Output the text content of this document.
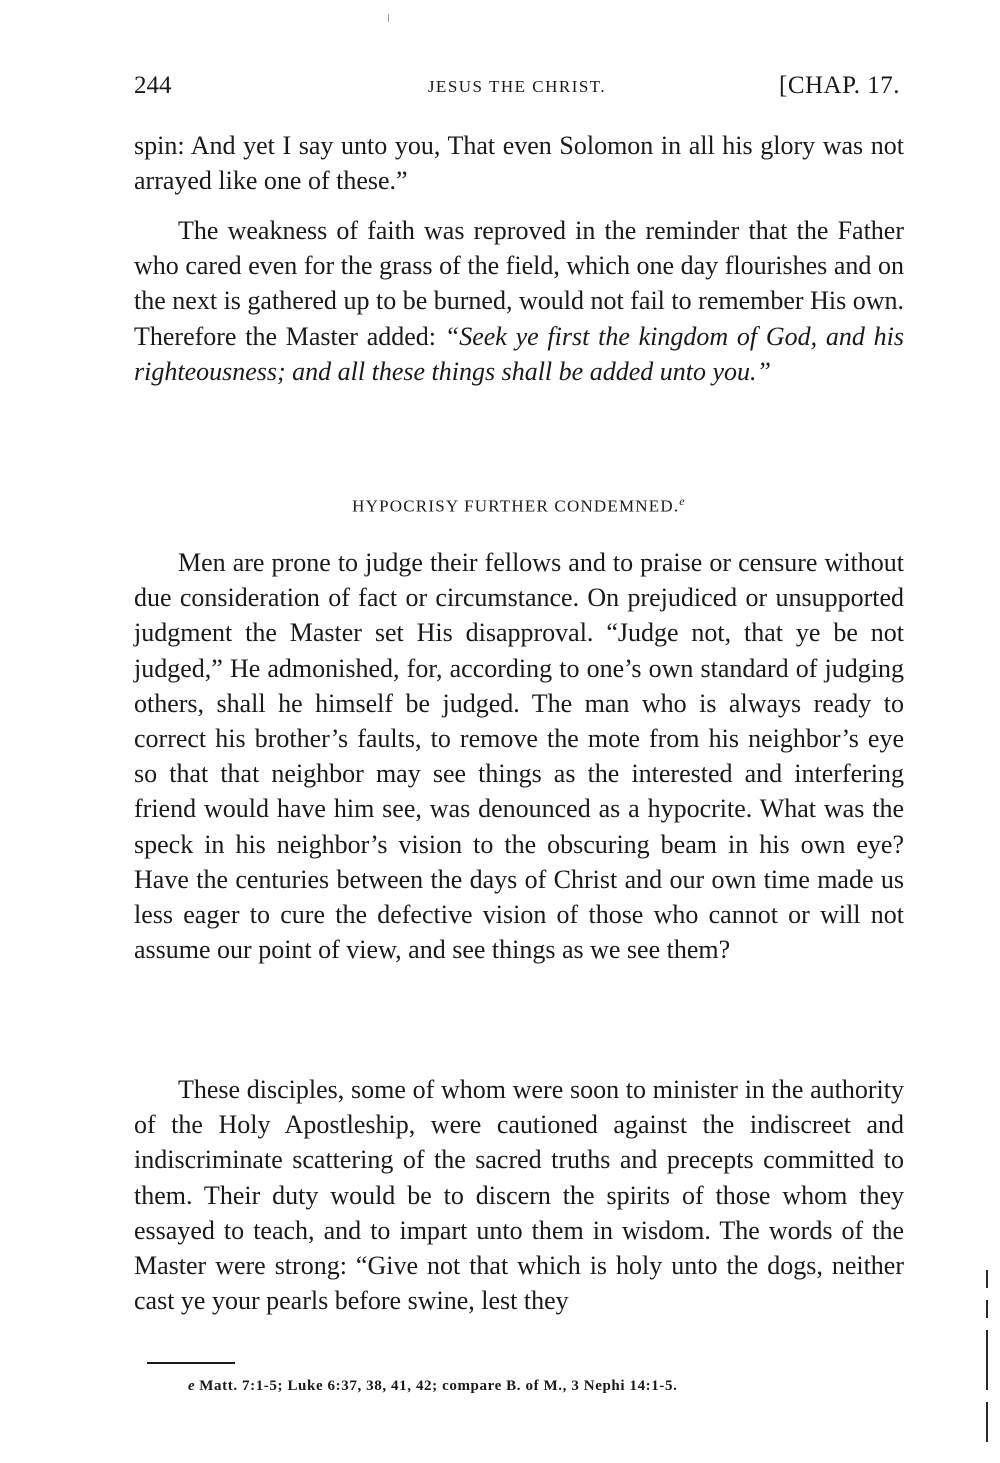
244	JESUS THE CHRIST.	[CHAP. 17.

spin: And yet I say unto you, That even Solomon in all his glory was not arrayed like one of these.”

The weakness of faith was reproved in the reminder that the Father who cared even for the grass of the field, which one day flourishes and on the next is gathered up to be burned, would not fail to remember His own. Therefore the Master added: “Seek ye first the kingdom of God, and his righteousness; and all these things shall be added unto you.”

HYPOCRISY FURTHER CONDEMNED.$^e$

Men are prone to judge their fellows and to praise or censure without due consideration of fact or circumstance. On prejudiced or unsupported judgment the Master set His disapproval. “Judge not, that ye be not judged,” He admonished, for, according to one’s own standard of judging others, shall he himself be judged. The man who is always ready to correct his brother’s faults, to remove the mote from his neighbor’s eye so that that neighbor may see things as the interested and interfering friend would have him see, was denounced as a hypocrite. What was the speck in his neighbor’s vision to the obscuring beam in his own eye? Have the centuries between the days of Christ and our own time made us less eager to cure the defective vision of those who cannot or will not assume our point of view, and see things as we see them?

These disciples, some of whom were soon to minister in the authority of the Holy Apostleship, were cautioned against the indiscreet and indiscriminate scattering of the sacred truths and precepts committed to them. Their duty would be to discern the spirits of those whom they essayed to teach, and to impart unto them in wisdom. The words of the Master were strong: “Give not that which is holy unto the dogs, neither cast ye your pearls before swine, lest they

e Matt. 7:1-5; Luke 6:37, 38, 41, 42; compare B. of M., 3 Nephi 14:1-5.
